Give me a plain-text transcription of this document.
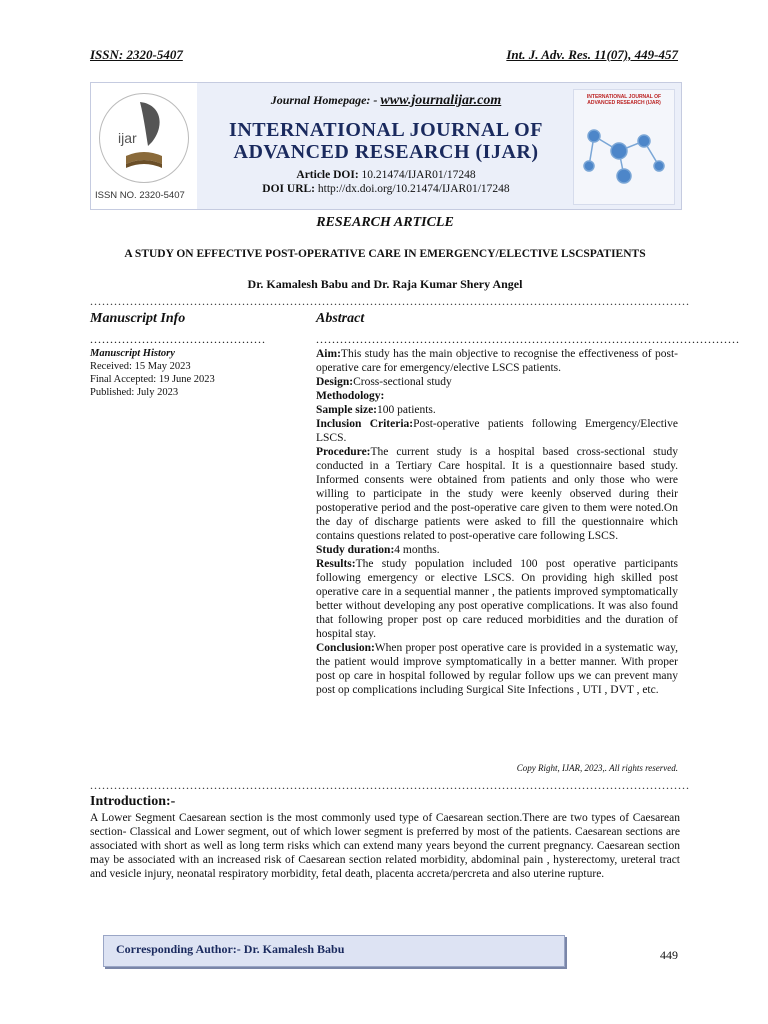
ISSN: 2320-5407	Int. J. Adv. Res. 11(07), 449-457
ijar
ISSN NO. 2320-5407
Journal Homepage: - www.journalijar.com
INTERNATIONAL JOURNAL OF
ADVANCED RESEARCH (IJAR)
Article DOI: 10.21474/IJAR01/17248
DOI URL: http://dx.doi.org/10.21474/IJAR01/17248
INTERNATIONAL JOURNAL OF ADVANCED RESEARCH (IJAR)
RESEARCH ARTICLE
A STUDY ON EFFECTIVE POST-OPERATIVE CARE IN EMERGENCY/ELECTIVE LSCSPATIENTS
Dr. Kamalesh Babu and Dr. Raja Kumar Shery Angel
......................................................................................................................................................
Manuscript Info
............................................
Manuscript History
Received: 15 May 2023
Final Accepted: 19 June 2023
Published: July 2023
Abstract
..........................................................................................................
Aim:This study has the main objective to recognise the effectiveness of post-operative care for emergency/elective LSCS patients.
Design:Cross-sectional study
Methodology:
Sample size:100 patients.
Inclusion Criteria:Post-operative patients following Emergency/Elective LSCS.
Procedure:The current study is a hospital based cross-sectional study conducted in a Tertiary Care hospital. It is a questionnaire based study. Informed consents were obtained from patients and only those who were willing to participate in the study were keenly observed during their postoperative period and the post-operative care given to them were noted.On the day of discharge patients were asked to fill the questionnaire which contains questions related to post-operative care following LSCS.
Study duration:4 months.
Results:The study population included 100 post operative participants following emergency or elective LSCS. On providing high skilled post operative care in a sequential manner , the patients improved symptomatically better without developing any post operative complications. It was also found that following proper post op care reduced morbidities and the duration of hospital stay.
Conclusion:When proper post operative care is provided in a systematic way, the patient would improve symptomatically in a better manner. With proper post op care in hospital followed by regular follow ups we can prevent many post op complications including Surgical Site Infections , UTI , DVT , etc.
Copy Right, IJAR, 2023,. All rights reserved.
......................................................................................................................................................
Introduction:-
A Lower Segment Caesarean section is the most commonly used type of Caesarean section.There are two types of Caesarean section- Classical and Lower segment, out of which lower segment is preferred by most of the patients. Caesarean sections are associated with short as well as long term risks which can extend many years beyond the current pregnancy. Caesarean section may be associated with an increased risk of Caesarean section related morbidity, abdominal pain , hysterectomy, ureteral tract and vesicle injury, neonatal respiratory morbidity, fetal death, placenta accreta/percreta and also uterine rupture.
Corresponding Author:- Dr. Kamalesh Babu	449
